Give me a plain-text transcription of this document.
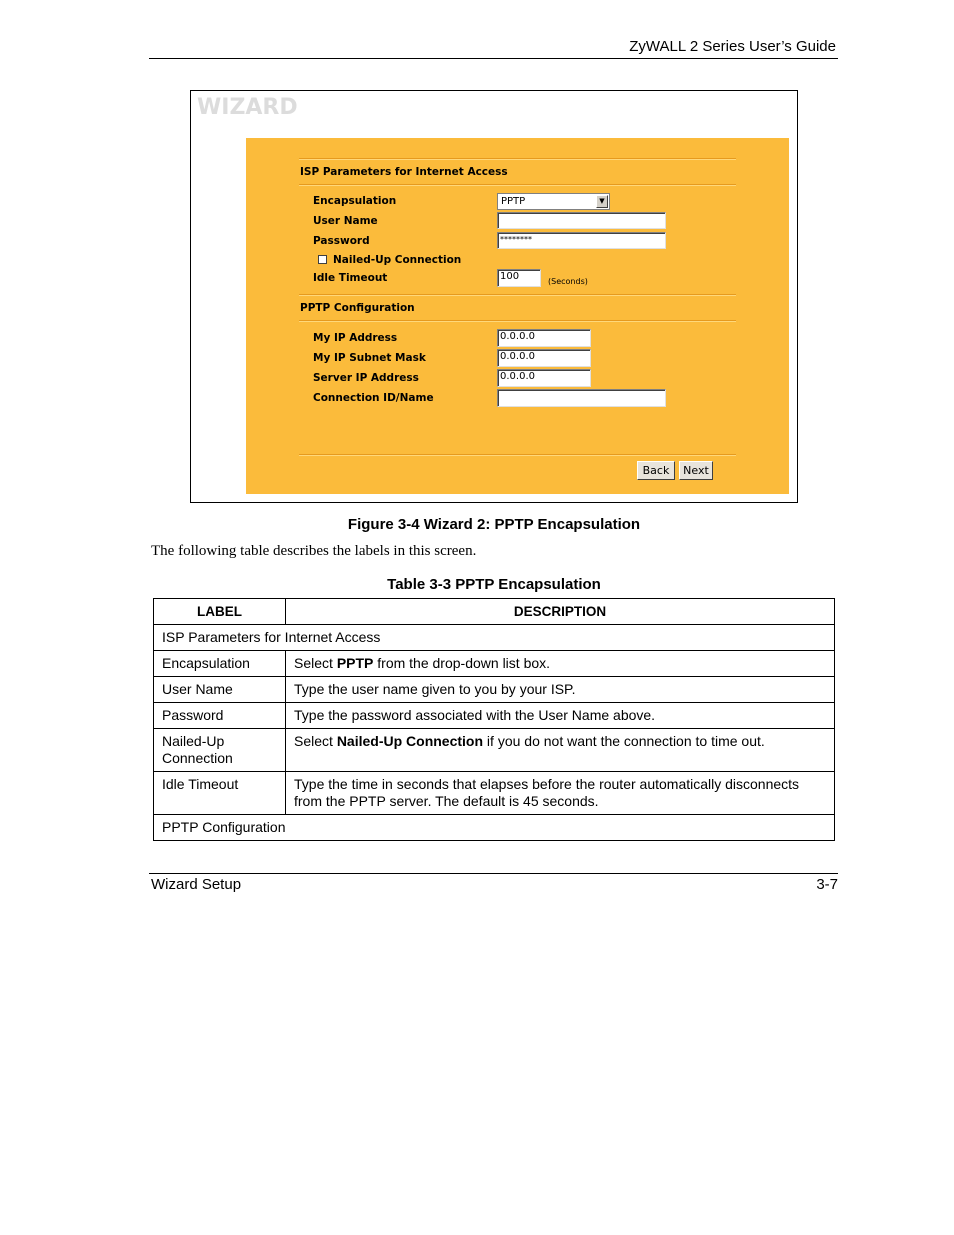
ZyWALL 2 Series User’s Guide
WIZARD
ISP Parameters for Internet Access
Encapsulation	PPTP	▼
User Name
Password	********
Nailed-Up Connection
Idle Timeout	100	(Seconds)
PPTP Configuration
My IP Address	0.0.0.0
My IP Subnet Mask	0.0.0.0
Server IP Address	0.0.0.0
Connection ID/Name
Back	Next
Figure 3-4 Wizard 2: PPTP Encapsulation
The following table describes the labels in this screen.
Table 3-3 PPTP Encapsulation
LABEL	DESCRIPTION
ISP Parameters for Internet Access	
Encapsulation	Select PPTP from the drop-down list box.
User Name	Type the user name given to you by your ISP.
Password	Type the password associated with the User Name above.
Nailed-Up Connection	Select Nailed-Up Connection if you do not want the connection to time out.
Idle Timeout	Type the time in seconds that elapses before the router automatically disconnects from the PPTP server. The default is 45 seconds.
PPTP Configuration	
Wizard Setup	3-7
